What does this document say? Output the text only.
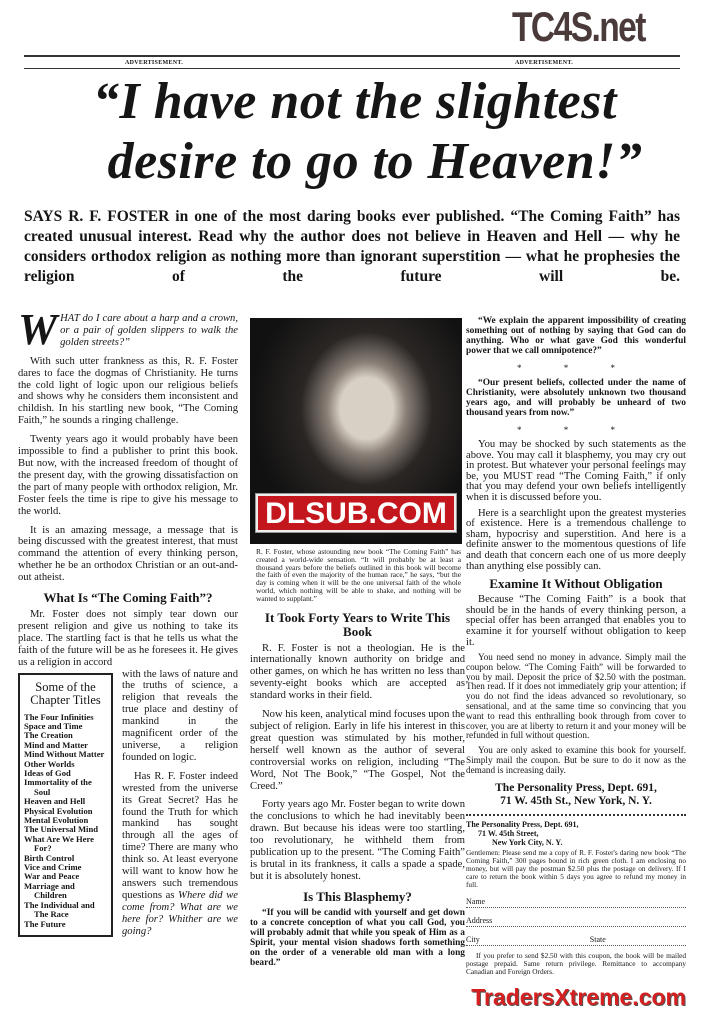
ADVERTISEMENT.	ADVERTISEMENT.
“I have not the slightest
desire to go to Heaven!”
SAYS R. F. FOSTER in one of the most daring books ever published. “The Coming Faith” has created unusual interest. Read why the author does not believe in Heaven and Hell — why he considers orthodox religion as nothing more than ignorant superstition — what he prophesies the religion of the future will be.

WHAT do I care about a harp and a crown, or a pair of golden slippers to walk the golden streets?”

With such utter frankness as this, R. F. Foster dares to face the dogmas of Christianity. He turns the cold light of logic upon our religious beliefs and shows why he considers them inconsistent and childish. In his startling new book, “The Coming Faith,” he sounds a ringing challenge.

Twenty years ago it would probably have been impossible to find a publisher to print this book. But now, with the increased freedom of thought of the present day, with the growing dissatisfaction on the part of many people with orthodox religion, Mr. Foster feels the time is ripe to give his message to the world.

It is an amazing message, a message that is being discussed with the greatest interest, that must command the attention of every thinking person, whether he be an orthodox Christian or an out-and-out atheist.

What Is “The Coming Faith”?

Mr. Foster does not simply tear down our present religion and give us nothing to take its place. The startling fact is that he tells us what the faith of the future will be as he foresees it. He gives us a religion in accord

Some of the Chapter Titles
The Four Infinities
Space and Time
The Creation
Mind and Matter
Mind Without Matter
Other Worlds
Ideas of God
Immortality of the Soul
Heaven and Hell
Physical Evolution
Mental Evolution
The Universal Mind
What Are We Here For?
Birth Control
Vice and Crime
War and Peace
Marriage and Children
The Individual and The Race
The Future

with the laws of nature and the truths of science, a religion that reveals the true place and destiny of mankind in the magnificent order of the universe, a religion founded on logic.

Has R. F. Foster indeed wrested from the universe its Great Secret? Has he found the Truth for which mankind has sought through all the ages of time? There are many who think so. At least everyone will want to know how he answers such tremendous questions as Where did we come from? What are we here for? Whither are we going?

DLSUB.COM
R. F. Foster, whose astounding new book “The Coming Faith” has created a world-wide sensation. “It will probably be at least a thousand years before the beliefs outlined in this book will become the faith of even the majority of the human race,” he says, “but the day is coming when it will be the one universal faith of the whole world, which nothing will be able to shake, and nothing will be wanted to supplant.”
It Took Forty Years to Write This Book

R. F. Foster is not a theologian. He is the internationally known authority on bridge and other games, on which he has written no less than seventy-eight books which are accepted as standard works in their field.

Now his keen, analytical mind focuses upon the subject of religion. Early in life his interest in this great question was stimulated by his mother, herself well known as the author of several controversial works on religion, including “The Word, Not The Book,” “The Gospel, Not the Creed.”

Forty years ago Mr. Foster began to write down the conclusions to which he had inevitably been drawn. But because his ideas were too startling, too revolutionary, he withheld them from publication up to the present. “The Coming Faith” is brutal in its frankness, it calls a spade a spade, but it is absolutely honest.

Is This Blasphemy?

“If you will be candid with yourself and get down to a concrete conception of what you call God, you will probably admit that while you speak of Him as a Spirit, your mental vision shadows forth something on the order of a venerable old man with a long beard.”

“We explain the apparent impossibility of creating something out of nothing by saying that God can do anything. Who or what gave God this wonderful power that we call omnipotence?”

* * *

“Our present beliefs, collected under the name of Christianity, were absolutely unknown two thousand years ago, and will probably be unheard of two thousand years from now.”

* * *

You may be shocked by such statements as the above. You may call it blasphemy, you may cry out in protest. But whatever your personal feelings may be, you MUST read “The Coming Faith,” if only that you may defend your own beliefs intelligently when it is discussed before you.

Here is a searchlight upon the greatest mysteries of existence. Here is a tremendous challenge to sham, hypocrisy and superstition. And here is a definite answer to the momentous questions of life and death that concern each one of us more deeply than anything else possibly can.

Examine It Without Obligation

Because “The Coming Faith” is a book that should be in the hands of every thinking person, a special offer has been arranged that enables you to examine it for yourself without obligation to keep it.

You need send no money in advance. Simply mail the coupon below. “The Coming Faith” will be forwarded to you by mail. Deposit the price of $2.50 with the postman. Then read. If it does not immediately grip your attention; if you do not find the ideas advanced so revolutionary, so sensational, and at the same time so convincing that you want to read this enthralling book through from cover to cover, you are at liberty to return it and your money will be refunded in full without question.

You are only asked to examine this book for yourself. Simply mail the coupon. But be sure to do it now as the demand is increasing daily.

The Personality Press, Dept. 691,
71 W. 45th St., New York, N. Y.
The Personality Press, Dept. 691,
71 W. 45th Street,
New York City, N. Y.
Gentlemen: Please send me a copy of R. F. Foster's daring new book “The Coming Faith,” 300 pages bound in rich green cloth. I am enclosing no money, but will pay the postman $2.50 plus the postage on delivery. If I care to return the book within 5 days you agree to refund my money in full.
Name
Address
City	State
If you prefer to send $2.50 with this coupon, the book will be mailed postage prepaid. Same return privilege. Remittance to accompany Canadian and Foreign Orders.
TradersXtreme.com
TC4S.net
